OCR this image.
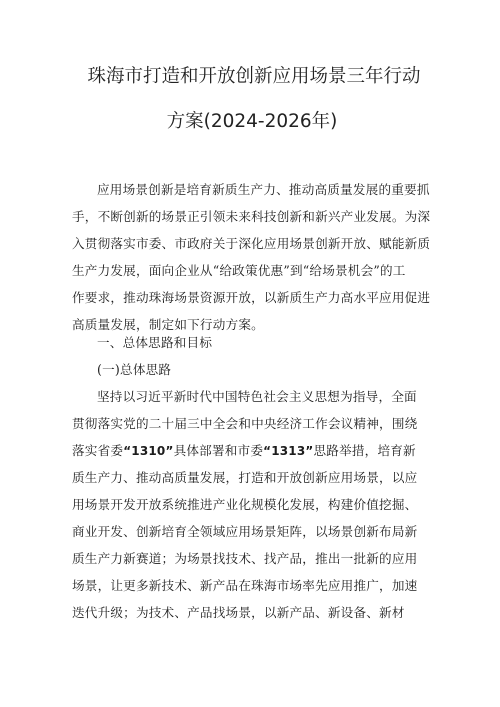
珠海市打造和开放创新应用场景三年行动
方案(2024-2026年)
应用场景创新是培育新质生产力、推动高质量发展的重要抓
手，不断创新的场景正引领未来科技创新和新兴产业发展。为深
入贯彻落实市委、市政府关于深化应用场景创新开放、赋能新质
生产力发展，面向企业从“给政策优惠”到“给场景机会”的工
作要求，推动珠海场景资源开放，以新质生产力高水平应用促进
高质量发展，制定如下行动方案。
一、总体思路和目标
(一)总体思路
坚持以习近平新时代中国特色社会主义思想为指导，全面
贯彻落实党的二十届三中全会和中央经济工作会议精神，围绕
落实省委“1310”具体部署和市委“1313”思路举措，培育新
质生产力、推动高质量发展，打造和开放创新应用场景，以应
用场景开发开放系统推进产业化规模化发展，构建价值挖掘、
商业开发、创新培育全领域应用场景矩阵，以场景创新布局新
质生产力新赛道；为场景找技术、找产品，推出一批新的应用
场景，让更多新技术、新产品在珠海市场率先应用推广，加速
迭代升级；为技术、产品找场景，以新产品、新设备、新材
